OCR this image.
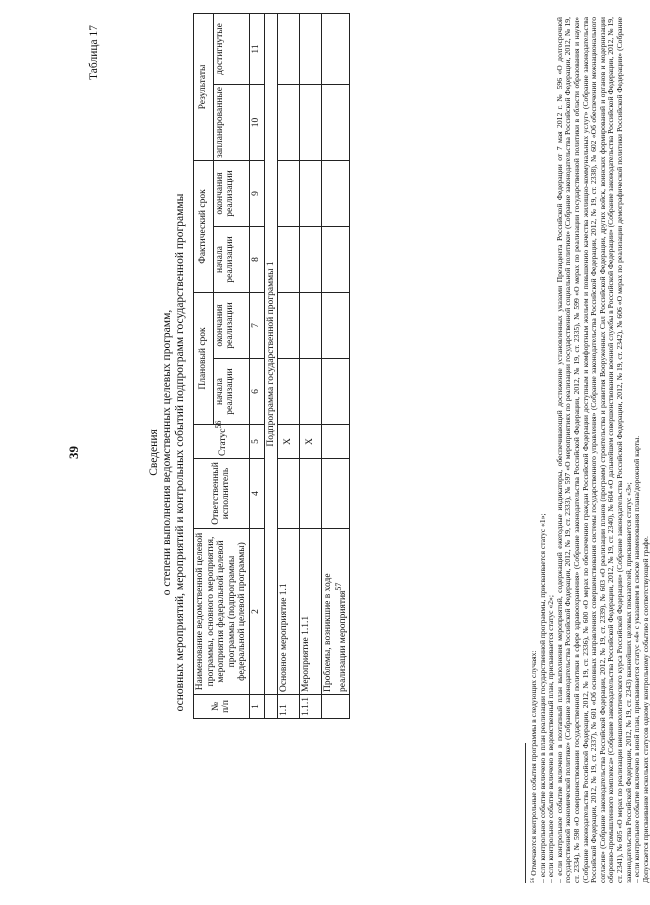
39
Таблица 17
Сведения о степени выполнения ведомственных целевых программ, основных мероприятий, мероприятий и контрольных событий подпрограмм государственной программы	№ п/п	Наименование ведомственной целевой программы, основного мероприятия, мероприятия федеральной целевой программы (подпрограммы федеральной целевой программы)	Ответственный исполнитель	Статус$^{56}$	Плановый срок		Фактический срок		Результаты	
				начала реализации	окончания реализации	начала реализации	окончания реализации	запланированные	достигнутые
1	2	4	5	6	7	8	9	10	11
	Подпрограмма государственной программы 1								
1.1	Основное мероприятие 1.1		Х						
1.1.1	Мероприятие 1.1.1		Х						
	Проблемы, возникшие в ходе реализации мероприятия$^{57}$								

⁵⁶ Отмечаются контрольные события программы в следующих случаях: – если контрольное событие включено в план реализации государственной программы, присваивается статус «1»; – если контрольное событие включено в ведомственный план, присваивается статус «2»; – если контрольное событие включено в поэтапный план выполнения мероприятий, содержащий ежегодные индикаторы, обеспечивающий достижение установленных указами Президента Российской Федерации от 7 мая 2012 г. № 596 «О долгосрочной государственной экономической политике» (Собрание законодательства Российской Федерации, 2012, № 19, ст. 2333), № 597 «О мероприятиях по реализации государственной социальной политики» (Собрание законодательства Российской Федерации, 2012, № 19, ст. 2334), № 598 «О совершенствовании государственной политики в сфере здравоохранения» (Собрание законодательства Российской Федерации, 2012, № 19, ст. 2335), № 599 «О мерах по реализации государственной политики в области образования и науки» (Собрание законодательства Российской Федерации, 2012, № 19, ст. 2336), № 600 «О мерах по обеспечению граждан Российской Федерации доступным и комфортным жильем и повышению качества жилищно-коммунальных услуг» (Собрание законодательства Российской Федерации, 2012, № 19, ст. 2337), № 601 «Об основных направлениях совершенствования системы государственного управления» (Собрание законодательства Российской Федерации, 2012, № 19, ст. 2338), № 602 «Об обеспечении межнационального согласия» (Собрание законодательства Российской Федерации, 2012, № 19, ст. 2339), № 603 «О реализации планов (программ) строительства и развития Вооруженных Сил Российской Федерации, других войск, воинских формирований и органов и модернизации оборонно-промышленного комплекса» (Собрание законодательства Российской Федерации, 2012, № 19, ст. 2340), № 604 «О дальнейшем совершенствовании военной службы в Российской Федерации» (Собрание законодательства Российской Федерации, 2012, № 19, ст. 2341), № 605 «О мерах по реализации внешнеполитического курса Российской Федерации» (Собрание законодательства Российской Федерации, 2012, № 19, ст. 2342), № 606 «О мерах по реализации демографической политики Российской Федерации» (Собрание законодательства Российской Федерации, 2012, № 19, ст. 2343) важнейших целевых показателей, присваивается статус «3»; – если контрольное событие включено в иной план, присваивается статус «4» с указанием в сноске наименования плана/дорожной карты. Допускается присваивание нескольких статусов одному контрольному событию в соответствующей графе.
